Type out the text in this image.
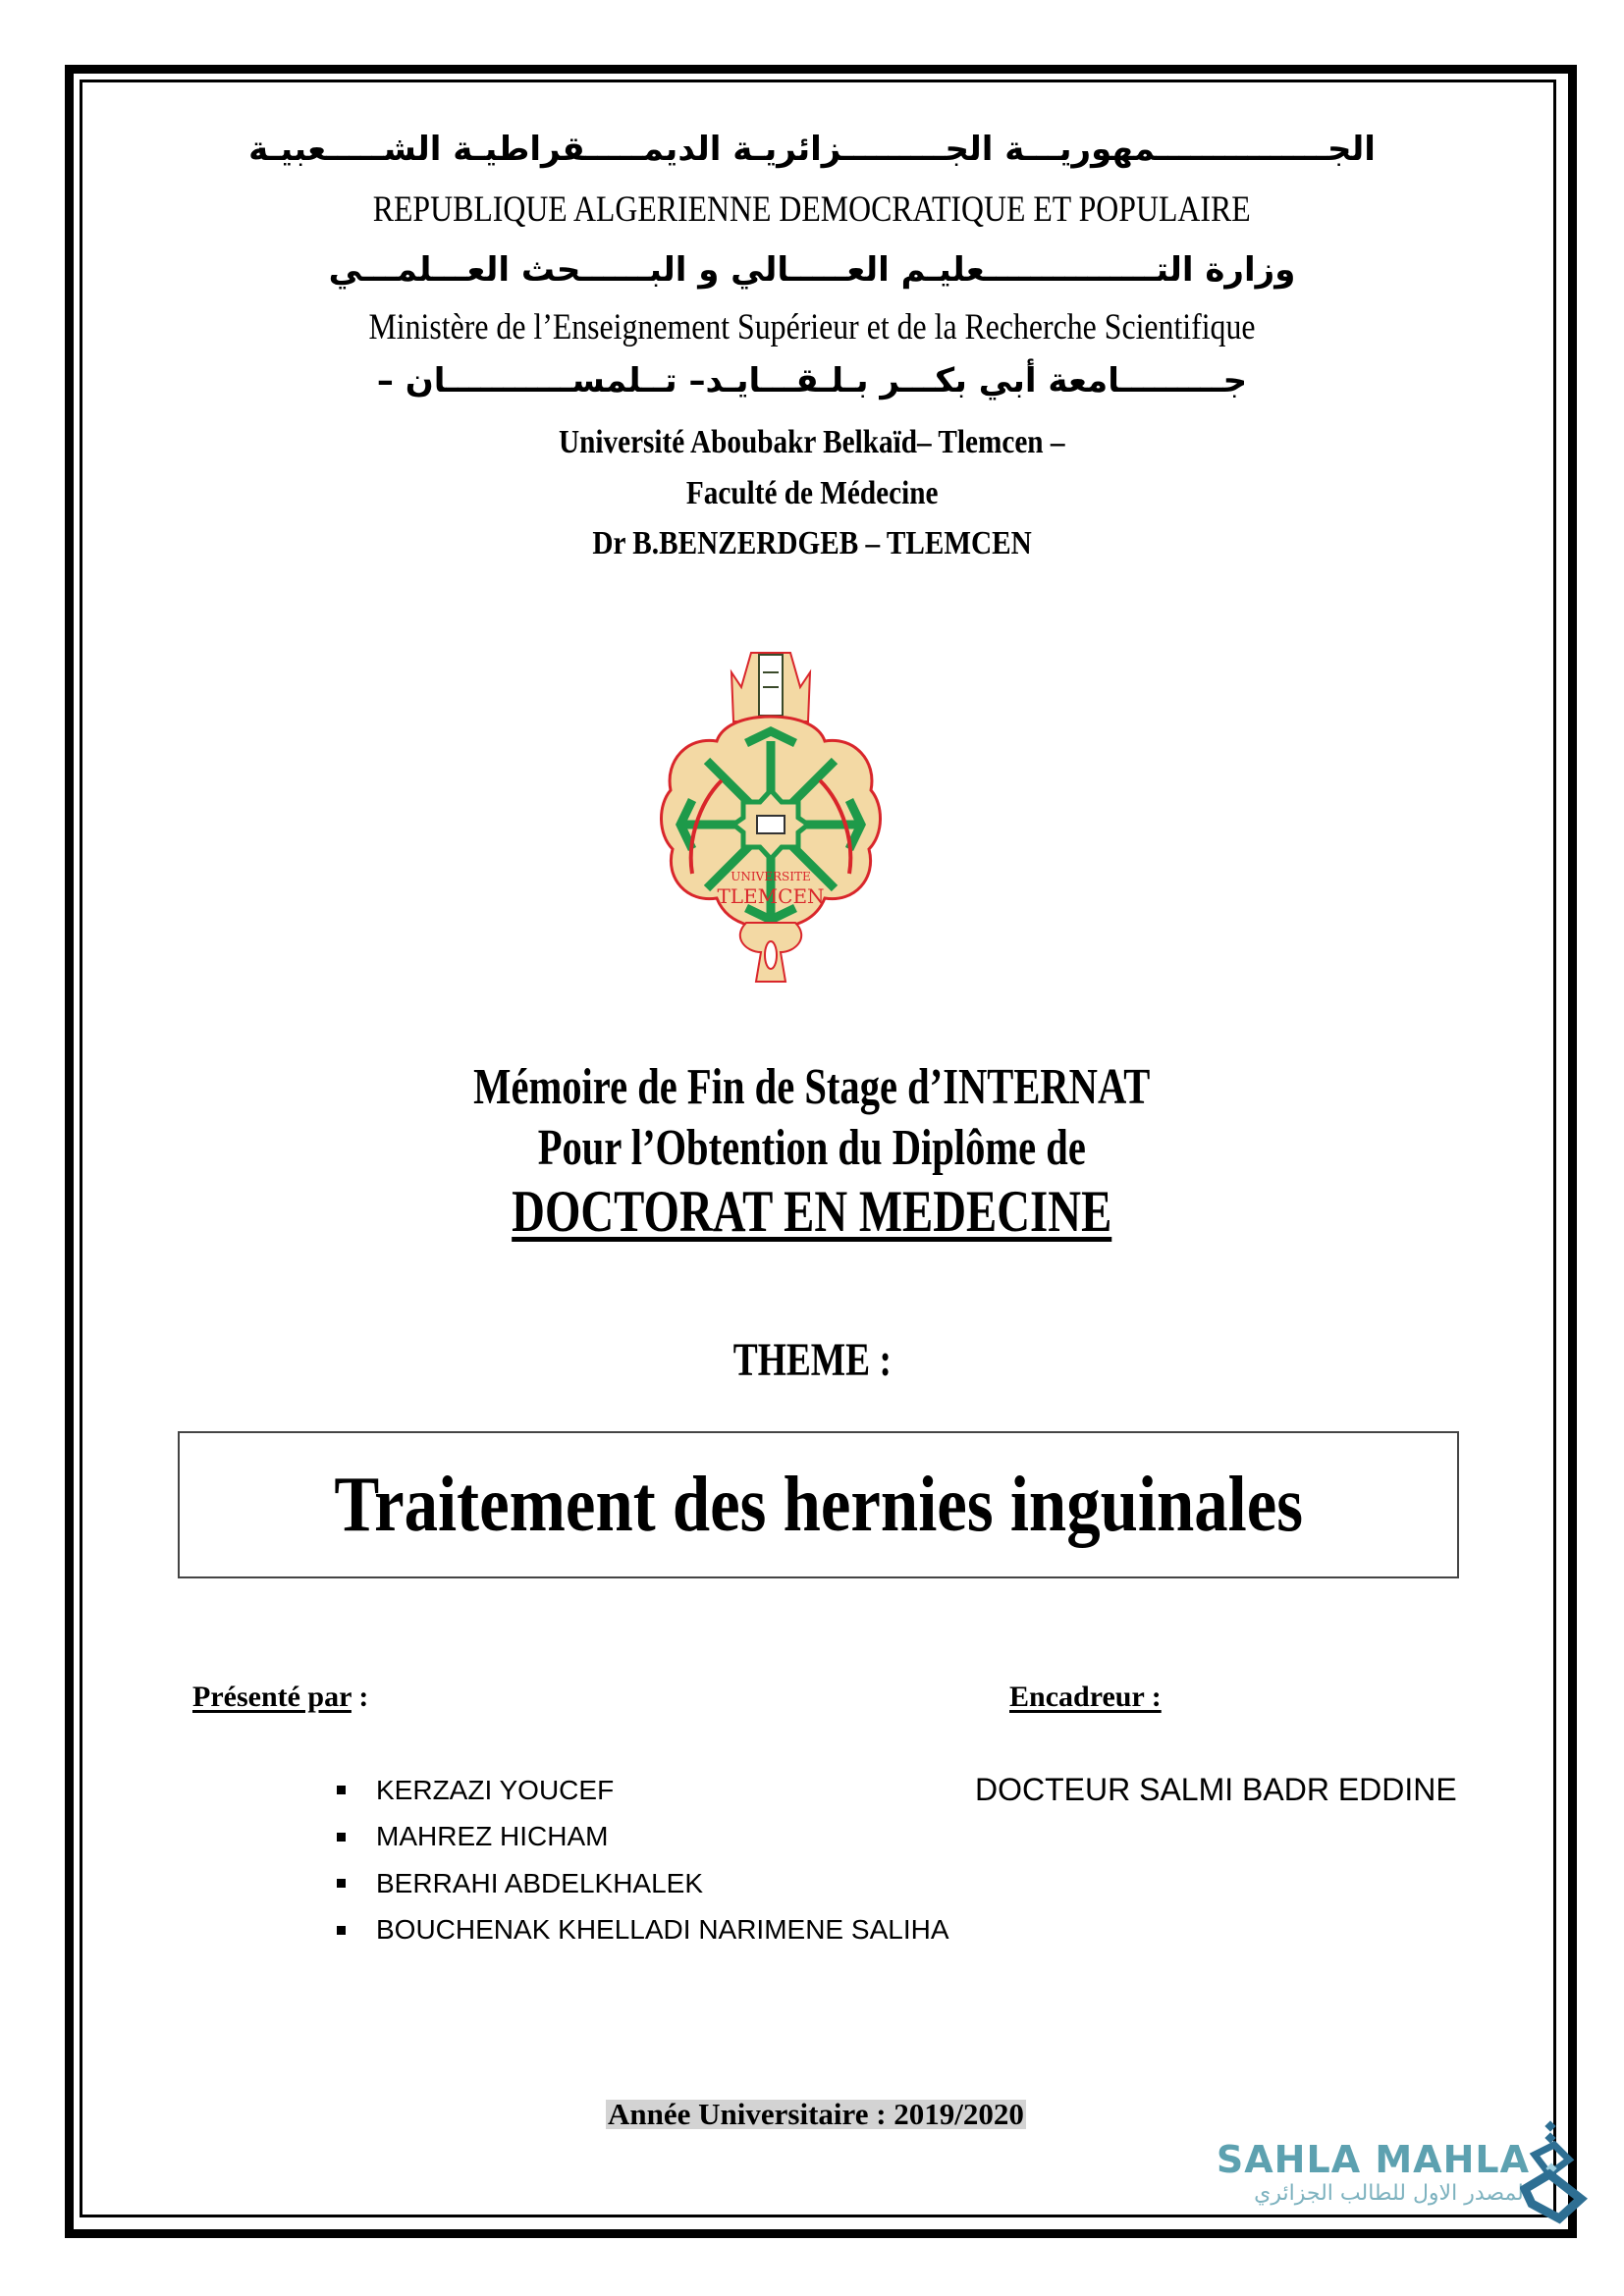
الجـــــــــــــــمهوريـــة الجـــــــــزائريـة الديمـــــقراطيـة الشـــــعبيـة
REPUBLIQUE ALGERIENNE DEMOCRATIQUE ET POPULAIRE
وزارة التـــــــــــــــعليـم العـــــالي و البــــــحث العـــلمـــي
Ministère de l’Enseignement Supérieur et de la Recherche Scientifique
جـــــــــامعة أبي بكـــر بـلـقـــايـد– تــلمســـــــــــان –
Université Aboubakr Belkaïd– Tlemcen –
Faculté de Médecine
Dr B.BENZERDGEB – TLEMCEN
UNIVERSITE
TLEMCEN
Mémoire de Fin de Stage d’INTERNAT
Pour l’Obtention du Diplôme de
DOCTORAT EN MEDECINE
THEME :
Traitement des hernies inguinales
Présenté par :
KERZAZI YOUCEF
MAHREZ HICHAM
BERRAHI ABDELKHALEK
BOUCHENAK KHELLADI NARIMENE SALIHA
Encadreur :
DOCTEUR SALMI BADR EDDINE
Année Universitaire : 2019/2020
SAHLA MAHLA
المصدر الاول للطالب الجزائري
